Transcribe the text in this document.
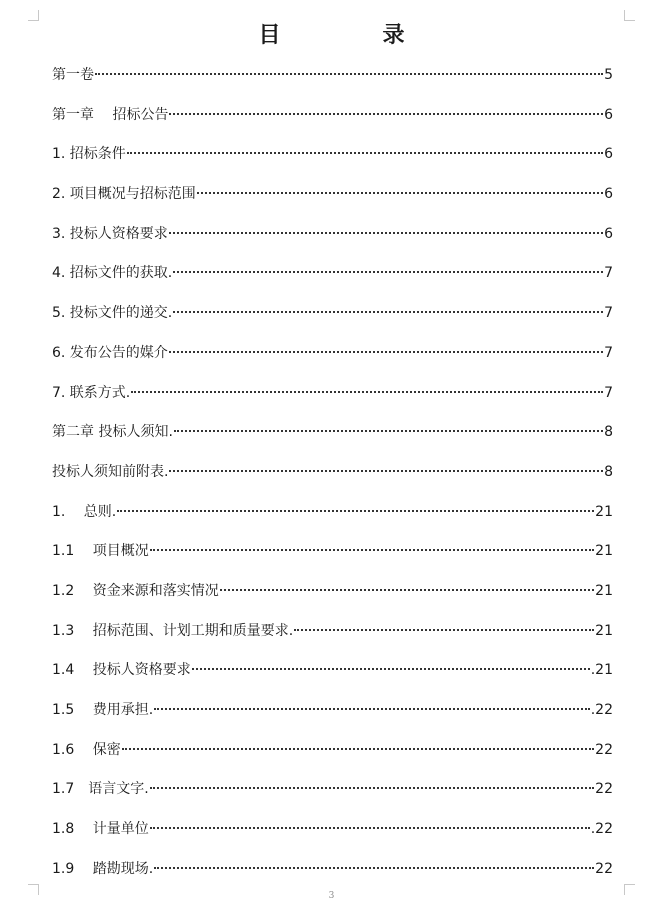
目　录
第一卷	5
第一章　 招标公告	6
1. 招标条件	6
2. 项目概况与招标范围	6
3. 投标人资格要求	6
4. 招标文件的获取.	7
5. 投标文件的递交.	7
6. 发布公告的媒介	7
7. 联系方式.	7
第二章 投标人须知.	8
投标人须知前附表.	8
1.　 总则.	21
1.1　 项目概况	21
1.2　 资金来源和落实情况	21
1.3　 招标范围、计划工期和质量要求.	21
1.4　 投标人资格要求	.21
1.5　 费用承担.	.22
1.6　 保密	22
1.7　语言文字.	22
1.8　 计量单位	.22
1.9　 踏勘现场.	22
3
